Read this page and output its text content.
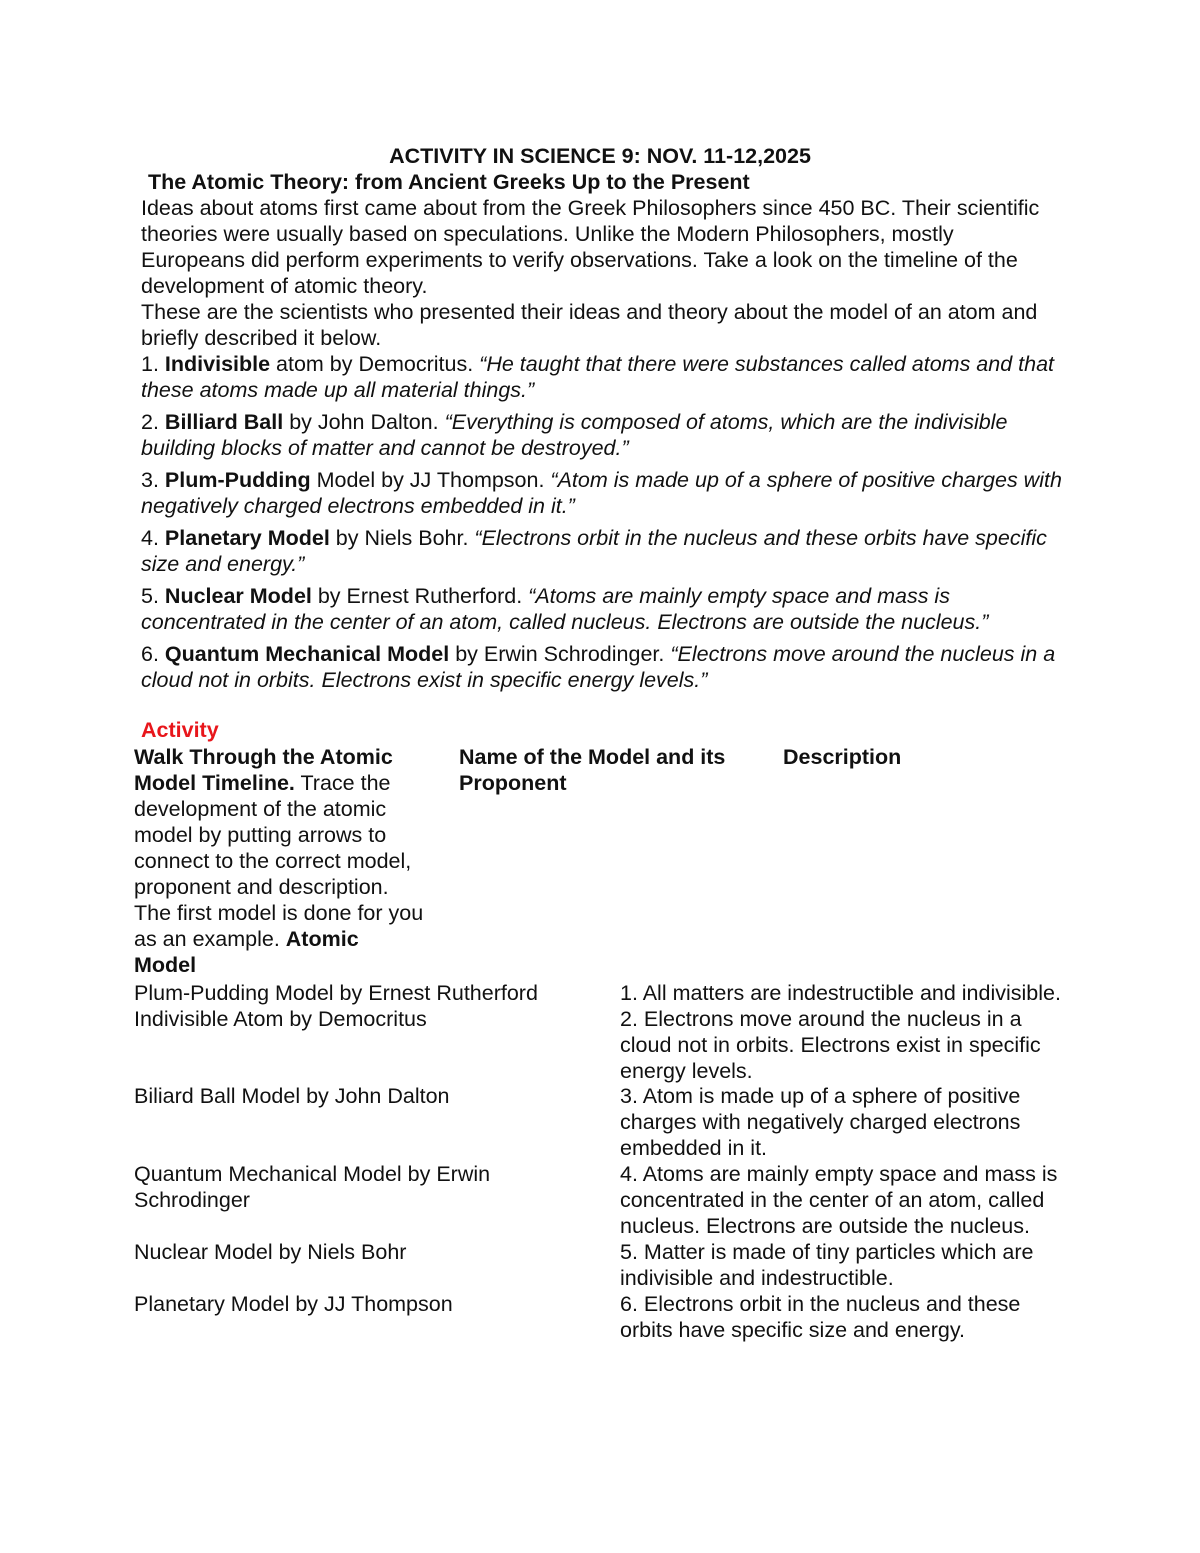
ACTIVITY IN SCIENCE 9: NOV. 11-12,2025
The Atomic Theory: from Ancient Greeks Up to the Present
Ideas about atoms first came about from the Greek Philosophers since 450 BC. Their scientific theories were usually based on speculations. Unlike the Modern Philosophers, mostly Europeans did perform experiments to verify observations. Take a look on the timeline of the development of atomic theory.
These are the scientists who presented their ideas and theory about the model of an atom and briefly described it below.
1. Indivisible atom by Democritus. “He taught that there were substances called atoms and that these atoms made up all material things.”
2. Billiard Ball by John Dalton. “Everything is composed of atoms, which are the indivisible building blocks of matter and cannot be destroyed.”
3. Plum-Pudding Model by JJ Thompson. “Atom is made up of a sphere of positive charges with negatively charged electrons embedded in it.”
4. Planetary Model by Niels Bohr. “Electrons orbit in the nucleus and these orbits have specific size and energy.”
5. Nuclear Model by Ernest Rutherford. “Atoms are mainly empty space and mass is concentrated in the center of an atom, called nucleus. Electrons are outside the nucleus.”
6. Quantum Mechanical Model by Erwin Schrodinger. “Electrons move around the nucleus in a cloud not in orbits. Electrons exist in specific energy levels.”
Activity
Walk Through the Atomic Model Timeline. Trace the development of the atomic model by putting arrows to connect to the correct model, proponent and description. The first model is done for you as an example. Atomic Model
Name of the Model and its Proponent
Description
Plum-Pudding Model by Ernest Rutherford
Indivisible Atom by Democritus
Biliard Ball Model by John Dalton
Quantum Mechanical Model by Erwin Schrodinger
Nuclear Model by Niels Bohr
Planetary Model by JJ Thompson
1. All matters are indestructible and indivisible.
2. Electrons move around the nucleus in a cloud not in orbits. Electrons exist in specific energy levels.
3. Atom is made up of a sphere of positive charges with negatively charged electrons embedded in it.
4. Atoms are mainly empty space and mass is concentrated in the center of an atom, called nucleus. Electrons are outside the nucleus.
5. Matter is made of tiny particles which are indivisible and indestructible.
6. Electrons orbit in the nucleus and these orbits have specific size and energy.
